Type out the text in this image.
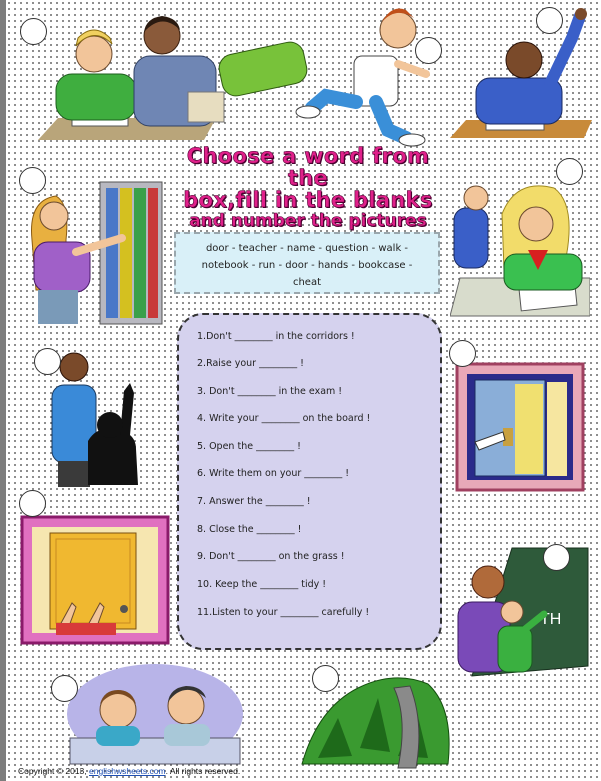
TH
Choose a word from the
box,fill in the blanks
and number the pictures
door - teacher - name - question - walk -
notebook - run - door - hands - bookcase -
cheat
1.Don't ________ in the corridors !
2.Raise your ________ !
3. Don't ________ in the exam !
4. Write your ________ on the board !
5. Open the ________ !
6. Write them on your ________ !
7. Answer the ________ !
8. Close the ________ !
9. Don't ________ on the grass !
10. Keep the ________ tidy !
11.Listen to your ________ carefully !
Copyright © 2013, englishwsheets.com. All rights reserved.
